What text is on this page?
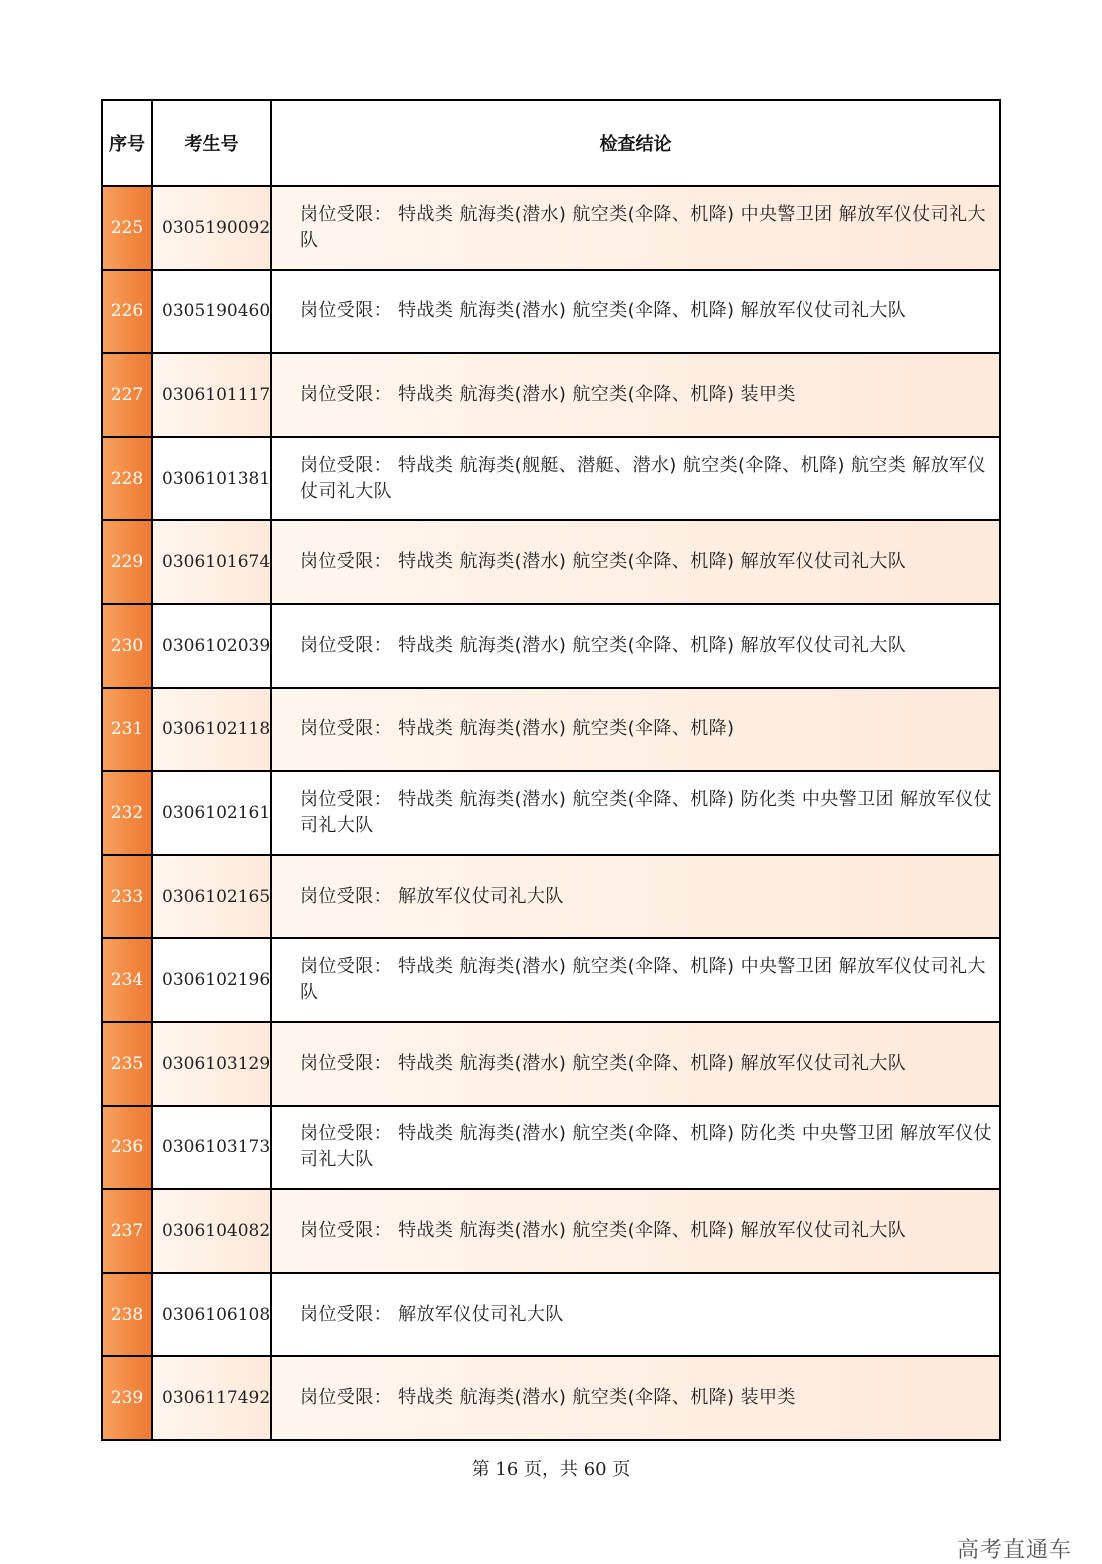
序号	考生号	检查结论
225	0305190092	岗位受限： 特战类 航海类(潜水) 航空类(伞降、机降) 中央警卫团 解放军仪仗司礼大队
226	0305190460	岗位受限： 特战类 航海类(潜水) 航空类(伞降、机降) 解放军仪仗司礼大队
227	0306101117	岗位受限： 特战类 航海类(潜水) 航空类(伞降、机降) 装甲类
228	0306101381	岗位受限： 特战类 航海类(舰艇、潜艇、潜水) 航空类(伞降、机降) 航空类 解放军仪仗司礼大队
229	0306101674	岗位受限： 特战类 航海类(潜水) 航空类(伞降、机降) 解放军仪仗司礼大队
230	0306102039	岗位受限： 特战类 航海类(潜水) 航空类(伞降、机降) 解放军仪仗司礼大队
231	0306102118	岗位受限： 特战类 航海类(潜水) 航空类(伞降、机降)
232	0306102161	岗位受限： 特战类 航海类(潜水) 航空类(伞降、机降) 防化类 中央警卫团 解放军仪仗司礼大队
233	0306102165	岗位受限： 解放军仪仗司礼大队
234	0306102196	岗位受限： 特战类 航海类(潜水) 航空类(伞降、机降) 中央警卫团 解放军仪仗司礼大队
235	0306103129	岗位受限： 特战类 航海类(潜水) 航空类(伞降、机降) 解放军仪仗司礼大队
236	0306103173	岗位受限： 特战类 航海类(潜水) 航空类(伞降、机降) 防化类 中央警卫团 解放军仪仗司礼大队
237	0306104082	岗位受限： 特战类 航海类(潜水) 航空类(伞降、机降) 解放军仪仗司礼大队
238	0306106108	岗位受限： 解放军仪仗司礼大队
239	0306117492	岗位受限： 特战类 航海类(潜水) 航空类(伞降、机降) 装甲类
第 16 页，共 60 页
高考直通车
